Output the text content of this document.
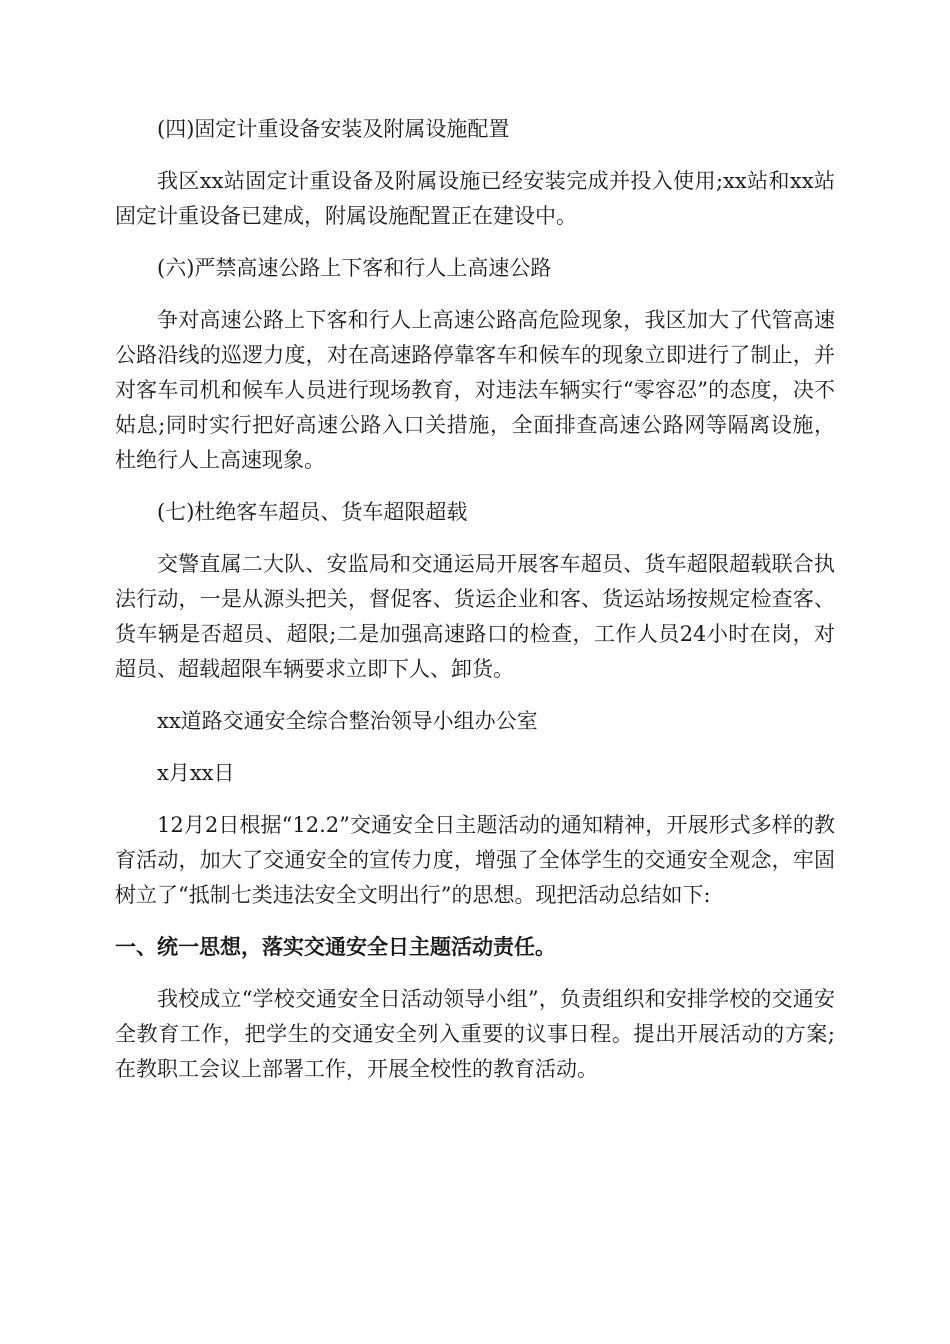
(四)固定计重设备安装及附属设施配置

我区xx站固定计重设备及附属设施已经安装完成并投入使用;xx站和xx站固定计重设备已建成，附属设施配置正在建设中。

(六)严禁高速公路上下客和行人上高速公路

争对高速公路上下客和行人上高速公路高危险现象，我区加大了代管高速公路沿线的巡逻力度，对在高速路停靠客车和候车的现象立即进行了制止，并对客车司机和候车人员进行现场教育，对违法车辆实行“零容忍”的态度，决不姑息;同时实行把好高速公路入口关措施，全面排查高速公路网等隔离设施，杜绝行人上高速现象。

(七)杜绝客车超员、货车超限超载

交警直属二大队、安监局和交通运局开展客车超员、货车超限超载联合执法行动，一是从源头把关，督促客、货运企业和客、货运站场按规定检查客、货车辆是否超员、超限;二是加强高速路口的检查，工作人员24小时在岗，对超员、超载超限车辆要求立即下人、卸货。

xx道路交通安全综合整治领导小组办公室

x月xx日

12月2日根据“12.2”交通安全日主题活动的通知精神，开展形式多样的教育活动，加大了交通安全的宣传力度，增强了全体学生的交通安全观念，牢固树立了“抵制七类违法安全文明出行”的思想。现把活动总结如下:

一、统一思想，落实交通安全日主题活动责任。

我校成立“学校交通安全日活动领导小组”，负责组织和安排学校的交通安全教育工作，把学生的交通安全列入重要的议事日程。提出开展活动的方案;在教职工会议上部署工作，开展全校性的教育活动。
